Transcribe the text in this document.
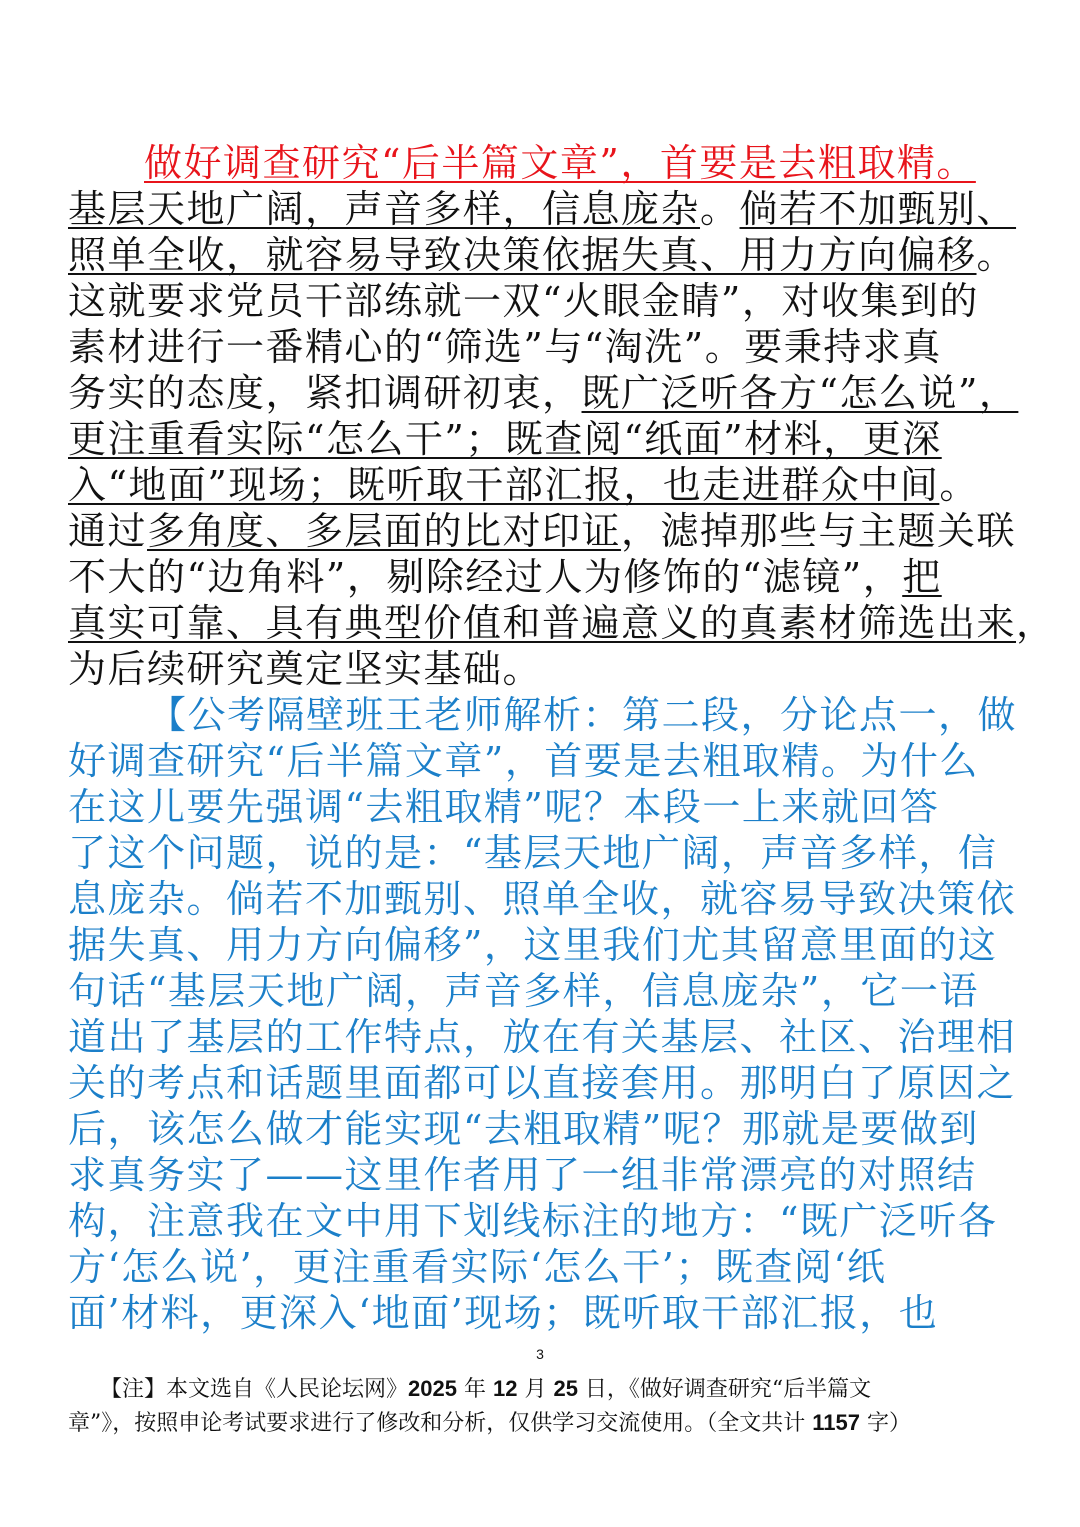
做好调查研究“后半篇文章”，首要是去粗取精。
基层天地广阔，声音多样，信息庞杂。倘若不加甄别、
照单全收，就容易导致决策依据失真、用力方向偏移。
这就要求党员干部练就一双“火眼金睛”，对收集到的
素材进行一番精心的“筛选”与“淘洗”。要秉持求真
务实的态度，紧扣调研初衷，既广泛听各方“怎么说”，
更注重看实际“怎么干”；既查阅“纸面”材料，更深
入“地面”现场；既听取干部汇报，也走进群众中间。
通过多角度、多层面的比对印证，滤掉那些与主题关联
不大的“边角料”，剔除经过人为修饰的“滤镜”，把
真实可靠、具有典型价值和普遍意义的真素材筛选出来，
为后续研究奠定坚实基础。
【公考隔壁班王老师解析：第二段，分论点一，做
好调查研究“后半篇文章”，首要是去粗取精。为什么
在这儿要先强调“去粗取精”呢？本段一上来就回答
了这个问题，说的是：“基层天地广阔，声音多样，信
息庞杂。倘若不加甄别、照单全收，就容易导致决策依
据失真、用力方向偏移”，这里我们尤其留意里面的这
句话“基层天地广阔，声音多样，信息庞杂”，它一语
道出了基层的工作特点，放在有关基层、社区、治理相
关的考点和话题里面都可以直接套用。那明白了原因之
后，该怎么做才能实现“去粗取精”呢？那就是要做到
求真务实了——这里作者用了一组非常漂亮的对照结
构，注意我在文中用下划线标注的地方：“既广泛听各
方‘怎么说’，更注重看实际‘怎么干’；既查阅‘纸
面’材料，更深入‘地面’现场；既听取干部汇报，也
3
【注】本文选自《人民论坛网》2025 年 12 月 25 日，《做好调查研究“后半篇文
章”》，按照申论考试要求进行了修改和分析，仅供学习交流使用。（全文共计 1157 字）
